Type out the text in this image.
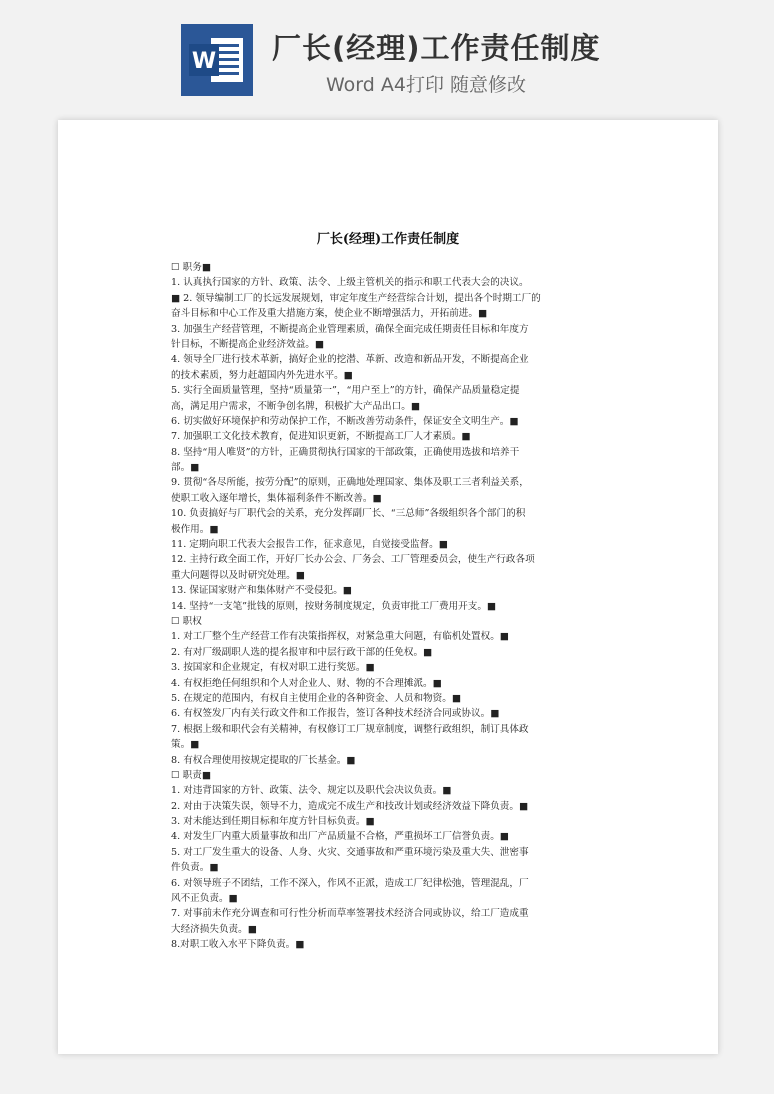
W 厂长(经理)工作责任制度
Word A4打印 随意修改
厂长(经理)工作责任制度
☐ 职务■
1. 认真执行国家的方针、政策、法令、上级主管机关的指示和职工代表大会的决议。
■ 2. 领导编制工厂的长远发展规划，审定年度生产经营综合计划，提出各个时期工厂的
奋斗目标和中心工作及重大措施方案，使企业不断增强活力，开拓前进。■
3. 加强生产经营管理，不断提高企业管理素质，确保全面完成任期责任目标和年度方
针目标，不断提高企业经济效益。■
4. 领导全厂进行技术革新，搞好企业的挖潜、革新、改造和新品开发，不断提高企业
的技术素质，努力赶超国内外先进水平。■
5. 实行全面质量管理，坚持“质量第一”，“用户至上”的方针，确保产品质量稳定提
高，满足用户需求，不断争创名牌，积极扩大产品出口。■
6. 切实做好环境保护和劳动保护工作，不断改善劳动条件，保证安全文明生产。■
7. 加强职工文化技术教育，促进知识更新，不断提高工厂人才素质。■
8. 坚持“用人唯贤”的方针，正确贯彻执行国家的干部政策，正确使用选拔和培养干
部。■
9. 贯彻“各尽所能，按劳分配”的原则，正确地处理国家、集体及职工三者利益关系，
使职工收入逐年增长，集体福利条件不断改善。■
10. 负责搞好与厂职代会的关系，充分发挥副厂长、“三总师”各级组织各个部门的积
极作用。■
11. 定期向职工代表大会报告工作，征求意见，自觉接受监督。■
12. 主持行政全面工作，开好厂长办公会、厂务会、工厂管理委员会，使生产行政各项
重大问题得以及时研究处理。■
13. 保证国家财产和集体财产不受侵犯。■
14. 坚持“一支笔”批钱的原则，按财务制度规定，负责审批工厂费用开支。■
☐ 职权
1. 对工厂整个生产经营工作有决策指挥权，对紧急重大问题，有临机处置权。■
2. 有对厂级副职人选的提名报审和中层行政干部的任免权。■
3. 按国家和企业规定，有权对职工进行奖惩。■
4. 有权拒绝任何组织和个人对企业人、财、物的不合理摊派。■
5. 在规定的范围内，有权自主使用企业的各种资金、人员和物资。■
6. 有权签发厂内有关行政文件和工作报告，签订各种技术经济合同或协议。■
7. 根据上级和职代会有关精神，有权修订工厂规章制度，调整行政组织，制订具体政
策。■
8. 有权合理使用按规定提取的厂长基金。■
☐ 职责■
1. 对违背国家的方针、政策、法令、规定以及职代会决议负责。■
2. 对由于决策失误，领导不力，造成完不成生产和技改计划或经济效益下降负责。■
3. 对未能达到任期目标和年度方针目标负责。■
4. 对发生厂内重大质量事故和出厂产品质量不合格，严重损坏工厂信誉负责。■
5. 对工厂发生重大的设备、人身、火灾、交通事故和严重环境污染及重大失、泄密事
件负责。■
6. 对领导班子不团结，工作不深入，作风不正派，造成工厂纪律松弛，管理混乱，厂
风不正负责。■
7. 对事前未作充分调查和可行性分析而草率签署技术经济合同或协议，给工厂造成重
大经济损失负责。■
8.对职工收入水平下降负责。■
